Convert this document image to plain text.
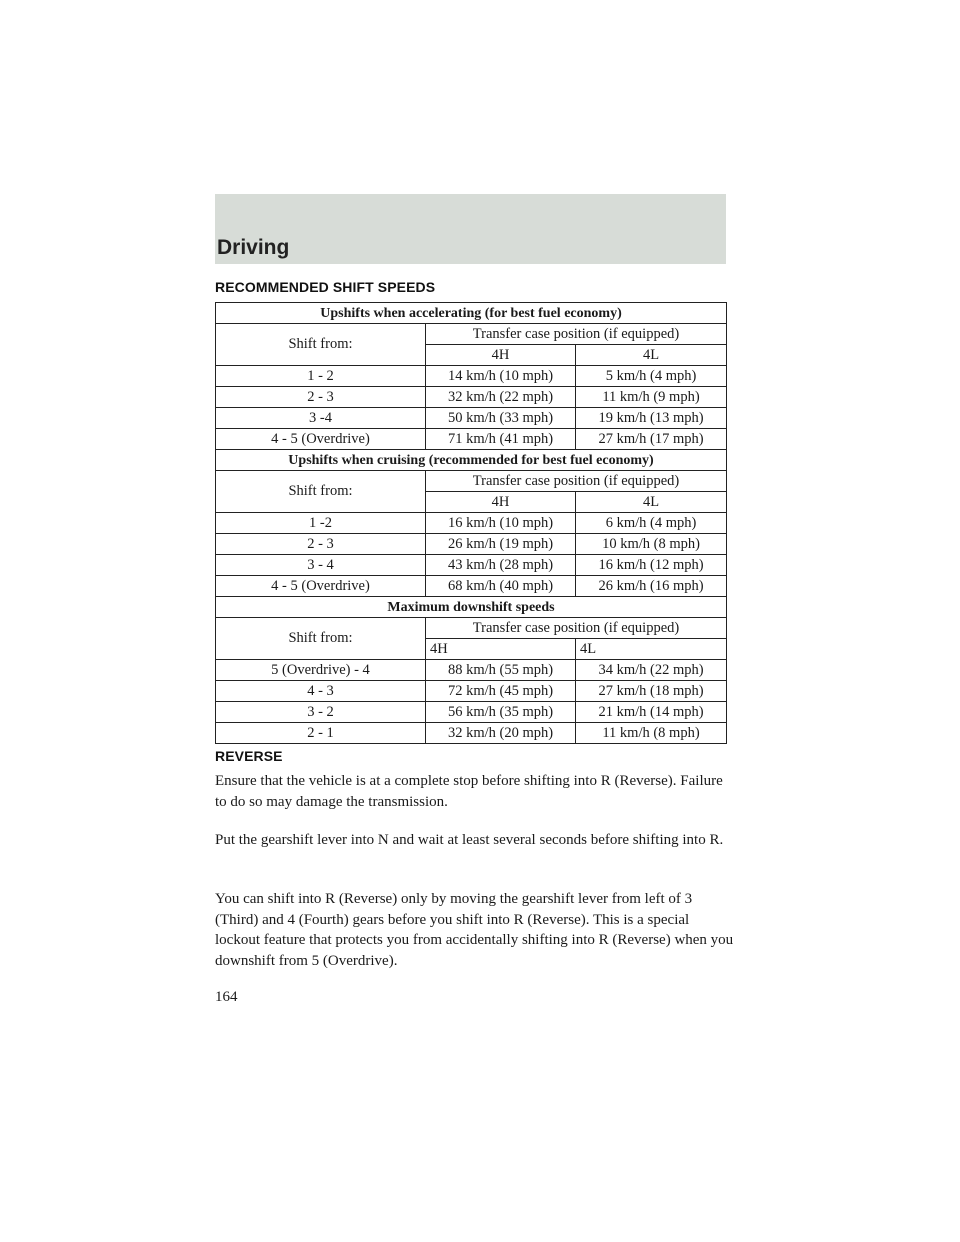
Driving
RECOMMENDED SHIFT SPEEDS
Upshifts when accelerating (for best fuel economy)		
Shift from:	Transfer case position (if equipped)	
	4H	4L
1 - 2	14 km/h (10 mph)	5 km/h (4 mph)
2 - 3	32 km/h (22 mph)	11 km/h (9 mph)
3 -4	50 km/h (33 mph)	19 km/h (13 mph)
4 - 5 (Overdrive)	71 km/h (41 mph)	27 km/h (17 mph)
Upshifts when cruising (recommended for best fuel economy)		
Shift from:	Transfer case position (if equipped)	
	4H	4L
1 -2	16 km/h (10 mph)	6 km/h (4 mph)
2 - 3	26 km/h (19 mph)	10 km/h (8 mph)
3 - 4	43 km/h (28 mph)	16 km/h (12 mph)
4 - 5 (Overdrive)	68 km/h (40 mph)	26 km/h (16 mph)
Maximum downshift speeds		
Shift from:	Transfer case position (if equipped)	
	4H	4L
5 (Overdrive) - 4	88 km/h (55 mph)	34 km/h (22 mph)
4 - 3	72 km/h (45 mph)	27 km/h (18 mph)
3 - 2	56 km/h (35 mph)	21 km/h (14 mph)
2 - 1	32 km/h (20 mph)	11 km/h (8 mph)
REVERSE
Ensure that the vehicle is at a complete stop before shifting into R (Reverse). Failure to do so may damage the transmission.
Put the gearshift lever into N and wait at least several seconds before shifting into R.
You can shift into R (Reverse) only by moving the gearshift lever from left of 3 (Third) and 4 (Fourth) gears before you shift into R (Reverse). This is a special lockout feature that protects you from accidentally shifting into R (Reverse) when you downshift from 5 (Overdrive).
164
